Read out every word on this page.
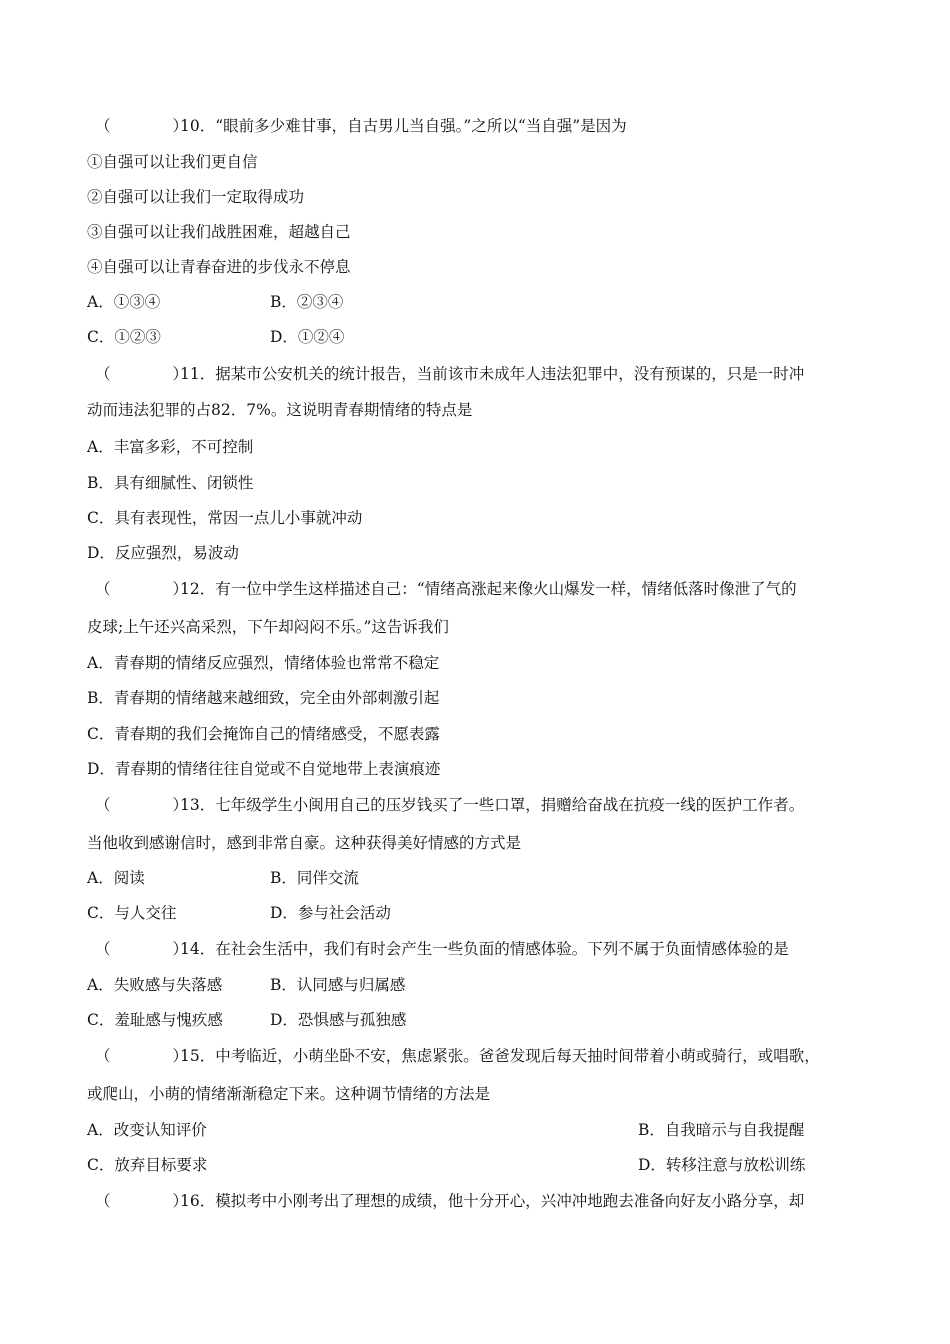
（　　　　）10．“眼前多少难甘事，自古男儿当自强。”之所以“当自强”是因为
①自强可以让我们更自信
②自强可以让我们一定取得成功
③自强可以让我们战胜困难，超越自己
④自强可以让青春奋进的步伐永不停息
A．①③④	B．②③④
C．①②③	D．①②④
（　　　　）11．据某市公安机关的统计报告，当前该市未成年人违法犯罪中，没有预谋的，只是一时冲
动而违法犯罪的占82．7%。这说明青春期情绪的特点是
A．丰富多彩，不可控制
B．具有细腻性、闭锁性
C．具有表现性，常因一点儿小事就冲动
D．反应强烈，易波动
（　　　　）12．有一位中学生这样描述自己：“情绪高涨起来像火山爆发一样，情绪低落时像泄了气的
皮球;上午还兴高采烈，下午却闷闷不乐。”这告诉我们
A．青春期的情绪反应强烈，情绪体验也常常不稳定
B．青春期的情绪越来越细致，完全由外部刺激引起
C．青春期的我们会掩饰自己的情绪感受，不愿表露
D．青春期的情绪往往自觉或不自觉地带上表演痕迹
（　　　　）13．七年级学生小闽用自己的压岁钱买了一些口罩，捐赠给奋战在抗疫一线的医护工作者。
当他收到感谢信时，感到非常自豪。这种获得美好情感的方式是
A．阅读	B．同伴交流
C．与人交往	D．参与社会活动
（　　　　）14．在社会生活中，我们有时会产生一些负面的情感体验。下列不属于负面情感体验的是
A．失败感与失落感	B．认同感与归属感
C．羞耻感与愧疚感	D．恐惧感与孤独感
（　　　　）15．中考临近，小萌坐卧不安，焦虑紧张。爸爸发现后每天抽时间带着小萌或骑行，或唱歌，
或爬山，小萌的情绪渐渐稳定下来。这种调节情绪的方法是
A．改变认知评价	B．自我暗示与自我提醒
C．放弃目标要求	D．转移注意与放松训练
（　　　　）16．模拟考中小刚考出了理想的成绩，他十分开心，兴冲冲地跑去准备向好友小路分享，却
